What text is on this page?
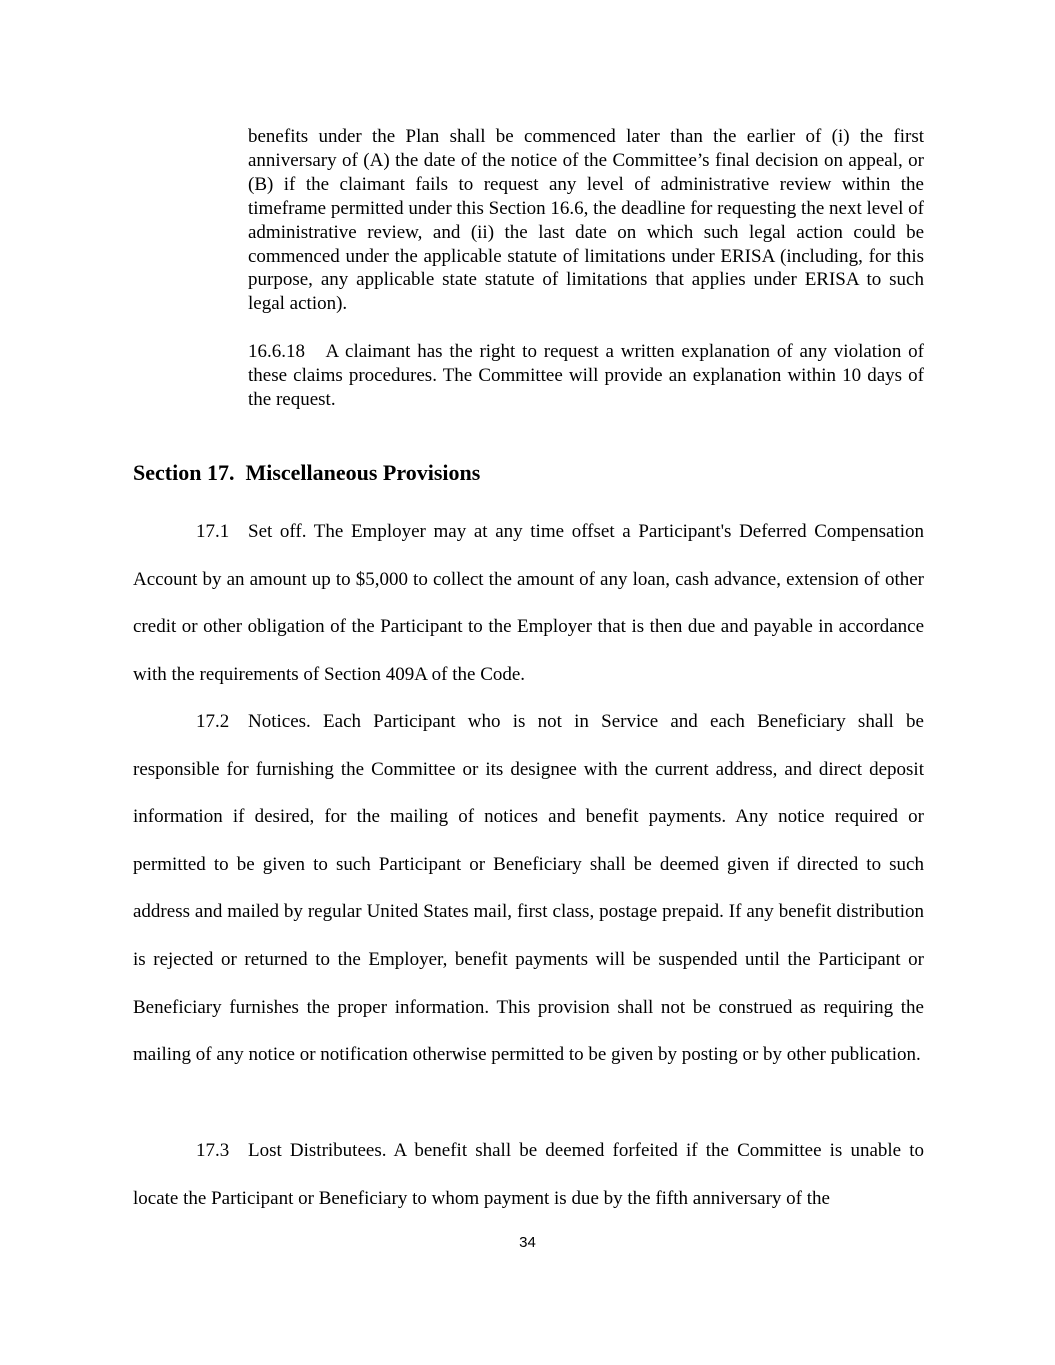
benefits under the Plan shall be commenced later than the earlier of (i) the first anniversary of (A) the date of the notice of the Committee’s final decision on appeal, or (B) if the claimant fails to request any level of administrative review within the timeframe permitted under this Section 16.6, the deadline for requesting the next level of administrative review, and (ii) the last date on which such legal action could be commenced under the applicable statute of limitations under ERISA (including, for this purpose, any applicable state statute of limitations that applies under ERISA to such legal action).

16.6.18 A claimant has the right to request a written explanation of any violation of these claims procedures. The Committee will provide an explanation within 10 days of the request.

Section 17.  Miscellaneous Provisions

17.1 Set off. The Employer may at any time offset a Participant's Deferred Compensation Account by an amount up to $5,000 to collect the amount of any loan, cash advance, extension of other credit or other obligation of the Participant to the Employer that is then due and payable in accordance with the requirements of Section 409A of the Code.

17.2 Notices. Each Participant who is not in Service and each Beneficiary shall be responsible for furnishing the Committee or its designee with the current address, and direct deposit information if desired, for the mailing of notices and benefit payments. Any notice required or permitted to be given to such Participant or Beneficiary shall be deemed given if directed to such address and mailed by regular United States mail, first class, postage prepaid. If any benefit distribution is rejected or returned to the Employer, benefit payments will be suspended until the Participant or Beneficiary furnishes the proper information. This provision shall not be construed as requiring the mailing of any notice or notification otherwise permitted to be given by posting or by other publication.

17.3 Lost Distributees. A benefit shall be deemed forfeited if the Committee is unable to locate the Participant or Beneficiary to whom payment is due by the fifth anniversary of the

34
